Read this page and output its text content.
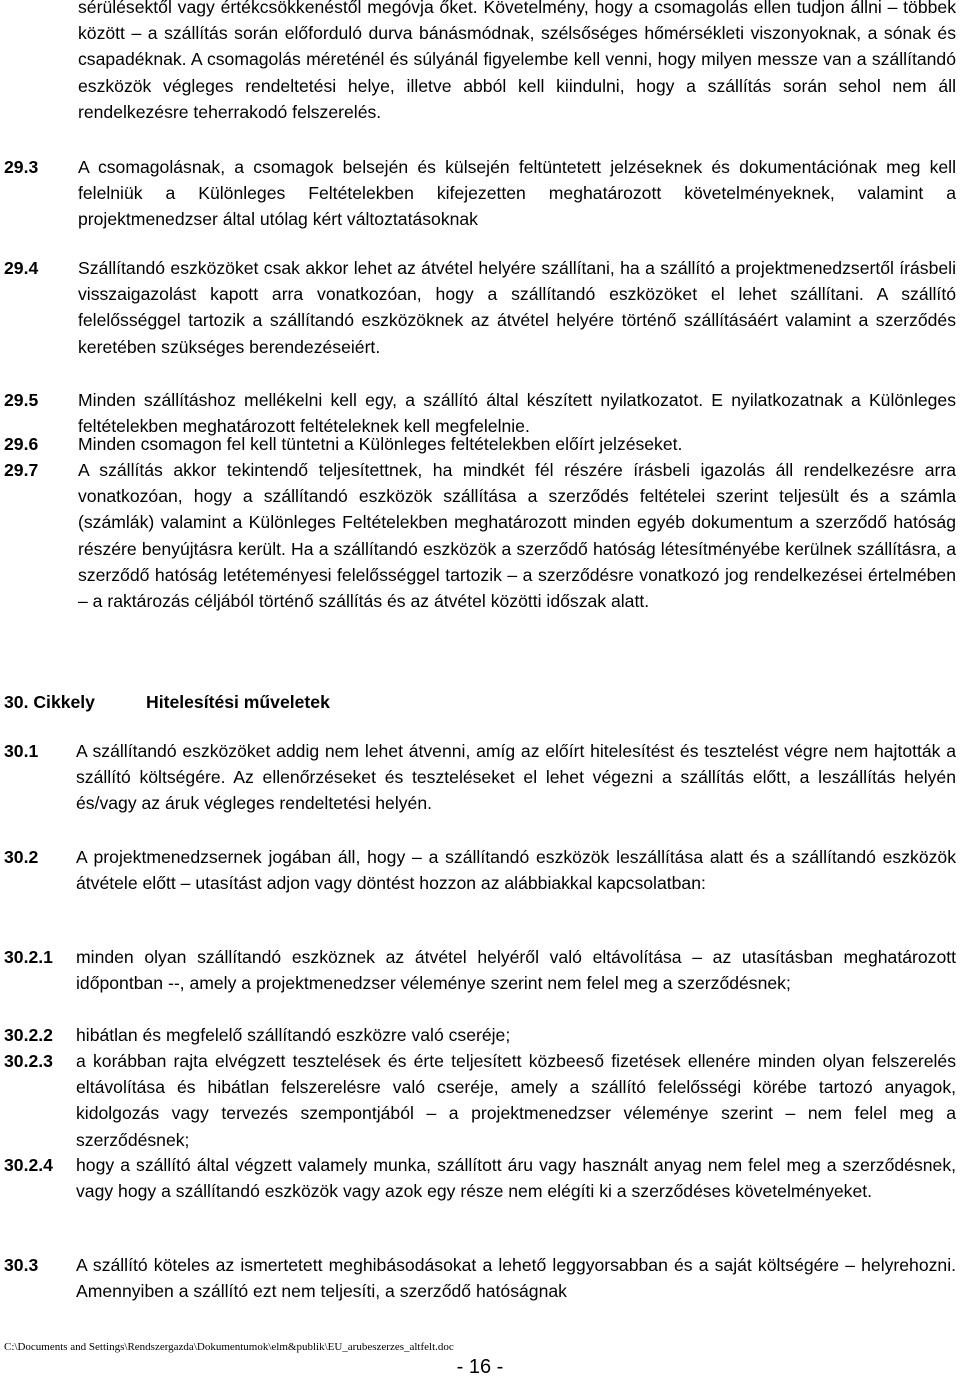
sérülésektől vagy értékcsökkenéstől megóvja őket. Követelmény, hogy a csomagolás ellen tudjon állni – többek között – a szállítás során előforduló durva bánásmódnak, szélsőséges hőmérsékleti viszonyoknak, a sónak és csapadéknak. A csomagolás méreténél és súlyánál figyelembe kell venni, hogy milyen messze van a szállítandó eszközök végleges rendeltetési helye, illetve abból kell kiindulni, hogy a szállítás során sehol nem áll rendelkezésre teherrakodó felszerelés.

29.3 A csomagolásnak, a csomagok belsején és külsején feltüntetett jelzéseknek és dokumentációnak meg kell felelniük a Különleges Feltételekben kifejezetten meghatározott követelményeknek, valamint a projektmenedzser által utólag kért változtatásoknak

29.4 Szállítandó eszközöket csak akkor lehet az átvétel helyére szállítani, ha a szállító a projektmenedzsertől írásbeli visszaigazolást kapott arra vonatkozóan, hogy a szállítandó eszközöket el lehet szállítani. A szállító felelősséggel tartozik a szállítandó eszközöknek az átvétel helyére történő szállításáért valamint a szerződés keretében szükséges berendezéseiért.

29.5 Minden szállításhoz mellékelni kell egy, a szállító által készített nyilatkozatot. E nyilatkozatnak a Különleges feltételekben meghatározott feltételeknek kell megfelelnie.

29.6 Minden csomagon fel kell tüntetni a Különleges feltételekben előírt jelzéseket.

29.7 A szállítás akkor tekintendő teljesítettnek, ha mindkét fél részére írásbeli igazolás áll rendelkezésre arra vonatkozóan, hogy a szállítandó eszközök szállítása a szerződés feltételei szerint teljesült és a számla (számlák) valamint a Különleges Feltételekben meghatározott minden egyéb dokumentum a szerződő hatóság részére benyújtásra került. Ha a szállítandó eszközök a szerződő hatóság létesítményébe kerülnek szállításra, a szerződő hatóság letéteményesi felelősséggel tartozik – a szerződésre vonatkozó jog rendelkezései értelmében – a raktározás céljából történő szállítás és az átvétel közötti időszak alatt.

30. Cikkely	Hitelesítési műveletek
30.1 A szállítandó eszközöket addig nem lehet átvenni, amíg az előírt hitelesítést és tesztelést végre nem hajtották a szállító költségére. Az ellenőrzéseket és teszteléseket el lehet végezni a szállítás előtt, a leszállítás helyén és/vagy az áruk végleges rendeltetési helyén.

30.2 A projektmenedzsernek jogában áll, hogy – a szállítandó eszközök leszállítása alatt és a szállítandó eszközök átvétele előtt – utasítást adjon vagy döntést hozzon az alábbiakkal kapcsolatban:

30.2.1 minden olyan szállítandó eszköznek az átvétel helyéről való eltávolítása – az utasításban meghatározott időpontban --, amely a projektmenedzser véleménye szerint nem felel meg a szerződésnek;

30.2.2 hibátlan és megfelelő szállítandó eszközre való cseréje;

30.2.3 a korábban rajta elvégzett tesztelések és érte teljesített közbeeső fizetések ellenére minden olyan felszerelés eltávolítása és hibátlan felszerelésre való cseréje, amely a szállító felelősségi körébe tartozó anyagok, kidolgozás vagy tervezés szempontjából – a projektmenedzser véleménye szerint – nem felel meg a szerződésnek;

30.2.4 hogy a szállító által végzett valamely munka, szállított áru vagy használt anyag nem felel meg a szerződésnek, vagy hogy a szállítandó eszközök vagy azok egy része nem elégíti ki a szerződéses követelményeket.

30.3 A szállító köteles az ismertetett meghibásodásokat a lehető leggyorsabban és a saját költségére – helyrehozni. Amennyiben a szállító ezt nem teljesíti, a szerződő hatóságnak

C:\Documents and Settings\Rendszergazda\Dokumentumok\elm&publik\EU_arubeszerzes_altfelt.doc
- 16 -
